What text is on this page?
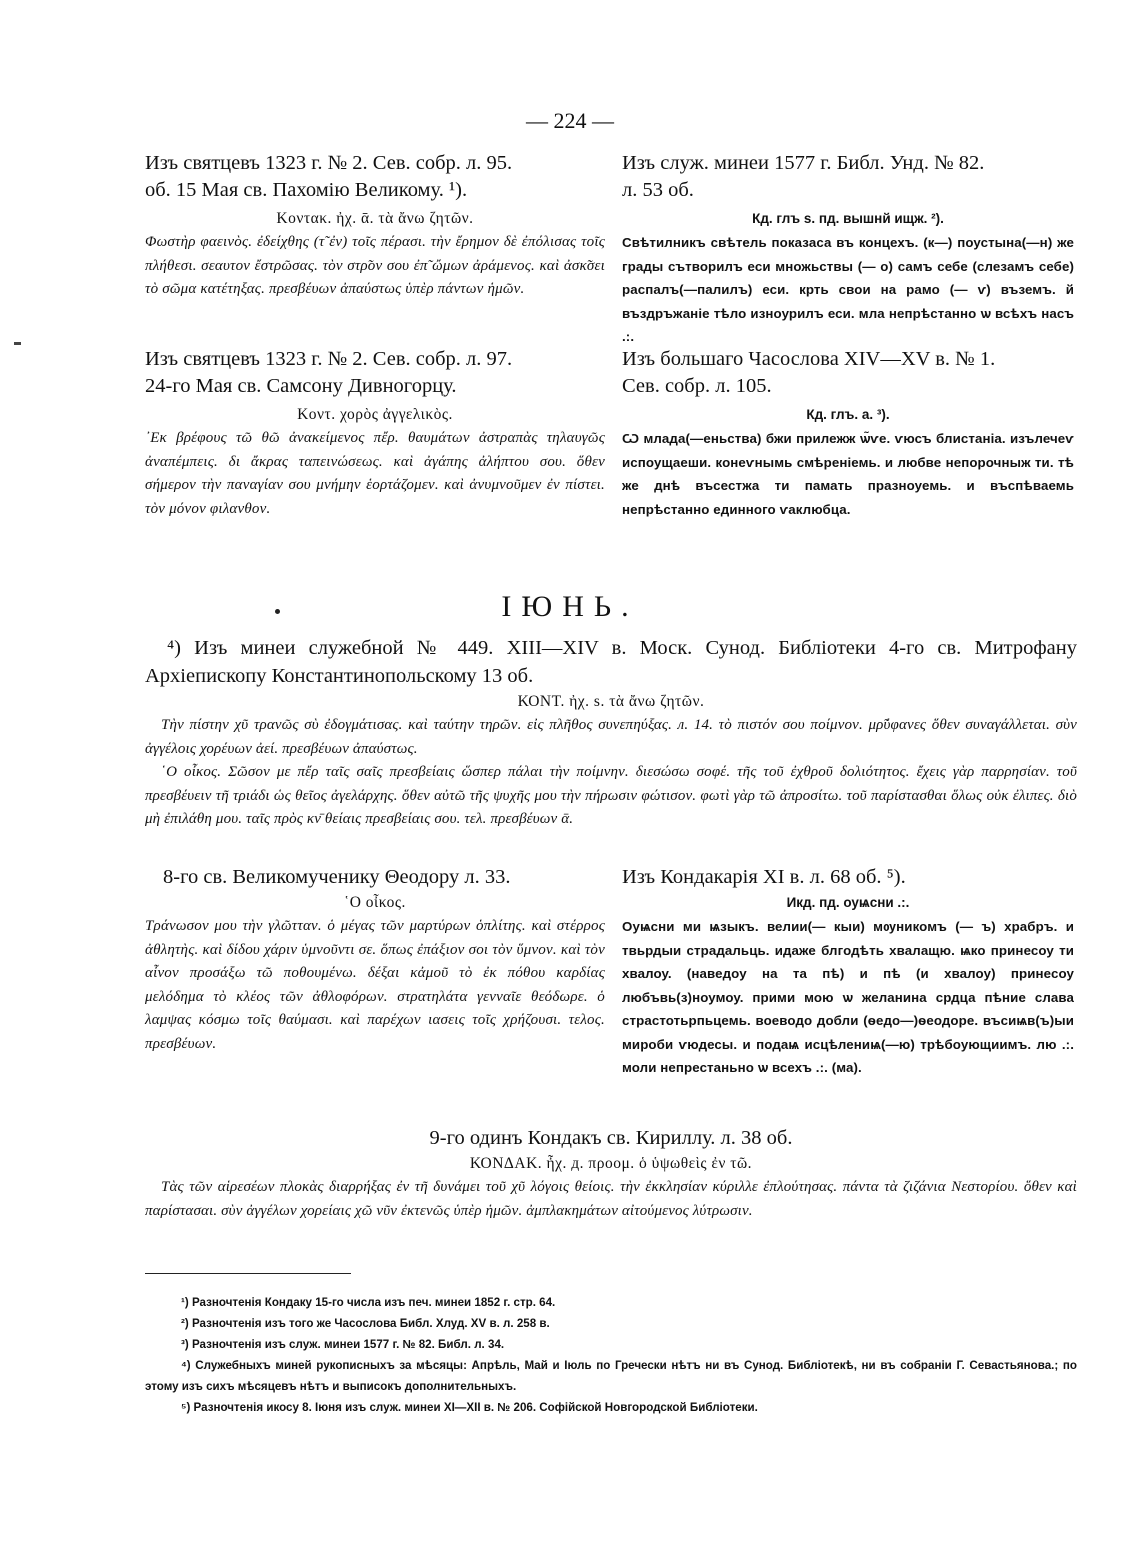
— 224 —
Изъ святцевъ 1323 г. № 2. Сев. собр. л. 95.
об. 15 Мая св. Пахомію Великому. ¹).
Κοντακ. ἠχ. ᾱ. τὰ ἄνω ζητῶν.
Φωστὴρ φαεινὸς. ἐδείχθης (τ̃ ἐν) τοῖς πέρασι. τὴν ἔρημον δὲ ἐπόλισας τοῖς πλήθεσι. σεαυτον ἔστρῶσας. τὸν στρ̃ον σου ἐπ̃ ὤμων ἀράμενος. καὶ ἀσκ̃σει τὸ σῶμα κατέτηξας. πρεσβέυων ἀπαύστως ὑπὲρ πάντων ἡμῶν.
Изъ святцевъ 1323 г. № 2. Сев. собр. л. 97.
24-го Мая св. Самсону Дивногорцу.
Κοντ. χορὸς ἀγγελικὸς.
᾿Εκ βρέφους τῶ θῶ ἀνακείμενος πἔρ. θαυμάτων ἀστραπὰς τηλαυγῶς ἀναπέμπεις. δι ἄκρας ταπεινώσεως. καὶ ἀγάπης ἀλήπτου σου. ὅθεν σήμερον τὴν παναγίαν σου μνήμην ἑορτάζομεν. καὶ ἀνυμνοῦμεν ἐν πίστει. τὸν μόνον φιλανθον.
Изъ служ. минеи 1577 г. Библ. Унд. № 82.
л. 53 об.
Кд. глъ ѕ. пд. вышнй ищж. ²).
Свѣтилникъ свѣтель показаса въ концехъ. (к—) поустына(—н) же грады сътворилъ еси множьствы (— о) самъ себе (слезамъ себе) распалъ(—палилъ) еси. крть свои на рамо (— ѵ) въземъ. й въздръжаніе тѣло изноурилъ еси. мла непрѣстанно ѡ всѣхъ насъ .:.
Изъ большаго Часослова XIV—XV в. № 1.
Сев. собр. л. 105.
Кд. глъ. а. ³).
Ѡ млада(—еньства) бжи прилежж ѡ̃ѵе. ѵюсъ блистаніа. изълечеѵ испоущаеши. конеѵнымь смѣреніемь. и любве непорочныж ти. тѣ же днѣ въсестжа ти памать празноуемь. и въспѣваемь непрѣстанно единного ѵаклюбца.
ІЮНЬ.
⁴) Изъ минеи служебной № 449. XIII—XIV в. Моск. Сунод. Библіотеки 4-го св. Митрофану Архіепископу Константинопольскому 13 об.
ΚΟΝΤ. ἠχ. ѕ. τὰ ἄνω ζητῶν.
Τὴν πίστην χῦ τρανῶς σὺ ἐδογμάτισας. καὶ ταύτην τηρῶν. εἰς πλῆθος συνεπηύξας. л. 14. τὸ πιστόν σου ποίμνον. μρ̃ύφανες ὅθεν συναγάλλεται. σὺν ἀγγέλοις χορέυων ἀεί. πρεσβέυων ἀπαύστως.
῾Ο οἶκος. Σῶσον με πἔρ ταῖς σαῖς πρεσβείαις ὥσπερ πάλαι τὴν ποίμνην. διεσώσω σοφέ. τῆς τοῦ ἐχθροῦ δολιότητος. ἔχεις γὰρ παρρησίαν. τοῦ πρεσβέυειν τῆ τριάδι ὡς θεῖος ἀγελάρχης. ὅθεν αὐτῶ τῆς ψυχῆς μου τὴν πήρωσιν φώτισον. φωτὶ γὰρ τῶ ἀπροσίτω. τοῦ παρίστασθαι ὅλως οὐκ ἐλιπες. διὸ μὴ ἐπιλάθη μου. ταῖς πρὸς κν̄ θείαις πρεσβείαις σου. τελ. πρεσβέυων ᾱ.
8-го св. Великомученику Θеодору л. 33.
῾Ο οἶκος.
Τράνωσον μου τὴν γλῶτταν. ὁ μέγας τῶν μαρτύρων ὁπλίτης. καὶ στέρρος ἀθλητὴς. καὶ δίδου χάριν ὑμνοῦντι σε. ὅπως ἐπάξιον σοι τὸν ὕμνον. καὶ τὸν αἶνον προσάξω τῶ ποθουμένω. δέξαι κἀμοῦ τὸ ἐκ πόθου καρδίας μελόδημα τὸ κλέος τῶν ἀθλοφόρων. στρατηλάτα γενναῖε θεόδωρε. ὁ λαμψας κόσμω τοῖς θαύμασι. καὶ παρέχων ιασεις τοῖς χρήζουσι. τελος. πρεσβέυων.
Изъ Кондакарія XI в. л. 68 об. ⁵).
Икд. пд. оуѩсни .:.
Оуѩсни ми ѩзыкъ. велии(— кыи) мѹникомъ (— ъ) храбръ. и твьрдыи страдальць. идаже блгодѣть хвалащю. ѩко принесоу ти хвалоу. (наведоу на та пѣ) и пѣ (и хвалоу) принесоу любъвь(з)ноумоу. прими мою ѡ желанина срдца пѣние слава страстотьрпьцемь. воеводо добли (ѳедо—)ѳеодоре. въсиѩв(ъ)ыи мироби ѵюдесы. и подаѩ исцѣлениѩ(—ю) трѣбоующиимъ. лю .:. моли непрестаньно ѡ всехъ .:. (ма).
9-го одинъ Кондакъ св. Кириллу. л. 38 об.
ΚΟΝΔΑΚ. ἦχ. д. προομ. ὁ ὑψωθεὶς ἐν τῶ.
Τὰς τῶν αἱρεσέων πλοκὰς διαρρήξας ἐν τῆ δυνάμει τοῦ χῦ λόγοις θείοις. τὴν ἐκκλησίαν κύριλλε ἐπλούτησας. πάντα τὰ ζιζάνια Νεστορίου. ὅθεν καὶ παρίστασαι. σὺν ἀγγέλων χορείαις χῶ νῦν ἐκτενῶς ὑπὲρ ἡμῶν. ἀμπλακημάτων αἰτούμενος λύτρωσιν.

¹) Разночтенія Кондаку 15-го числа изъ печ. минеи 1852 г. стр. 64.

²) Разночтенія изъ того же Часослова Библ. Хлуд. XV в. л. 258 в.

³) Разночтенія изъ служ. минеи 1577 г. № 82. Библ. л. 34.

⁴) Служебныхъ миней рукописныхъ за мѣсяцы: Апрѣль, Май и Іюль по Гречески нѣтъ ни въ Сунод. Библіотекѣ, ни въ собраніи Г. Севастьянова.; по этому изъ сихъ мѣсяцевъ нѣтъ и выписокъ дополнительныхъ.

⁵) Разночтенія икосу 8. Іюня изъ служ. минеи XI—XII в. № 206. Софійской Новгородской Библіотеки.
